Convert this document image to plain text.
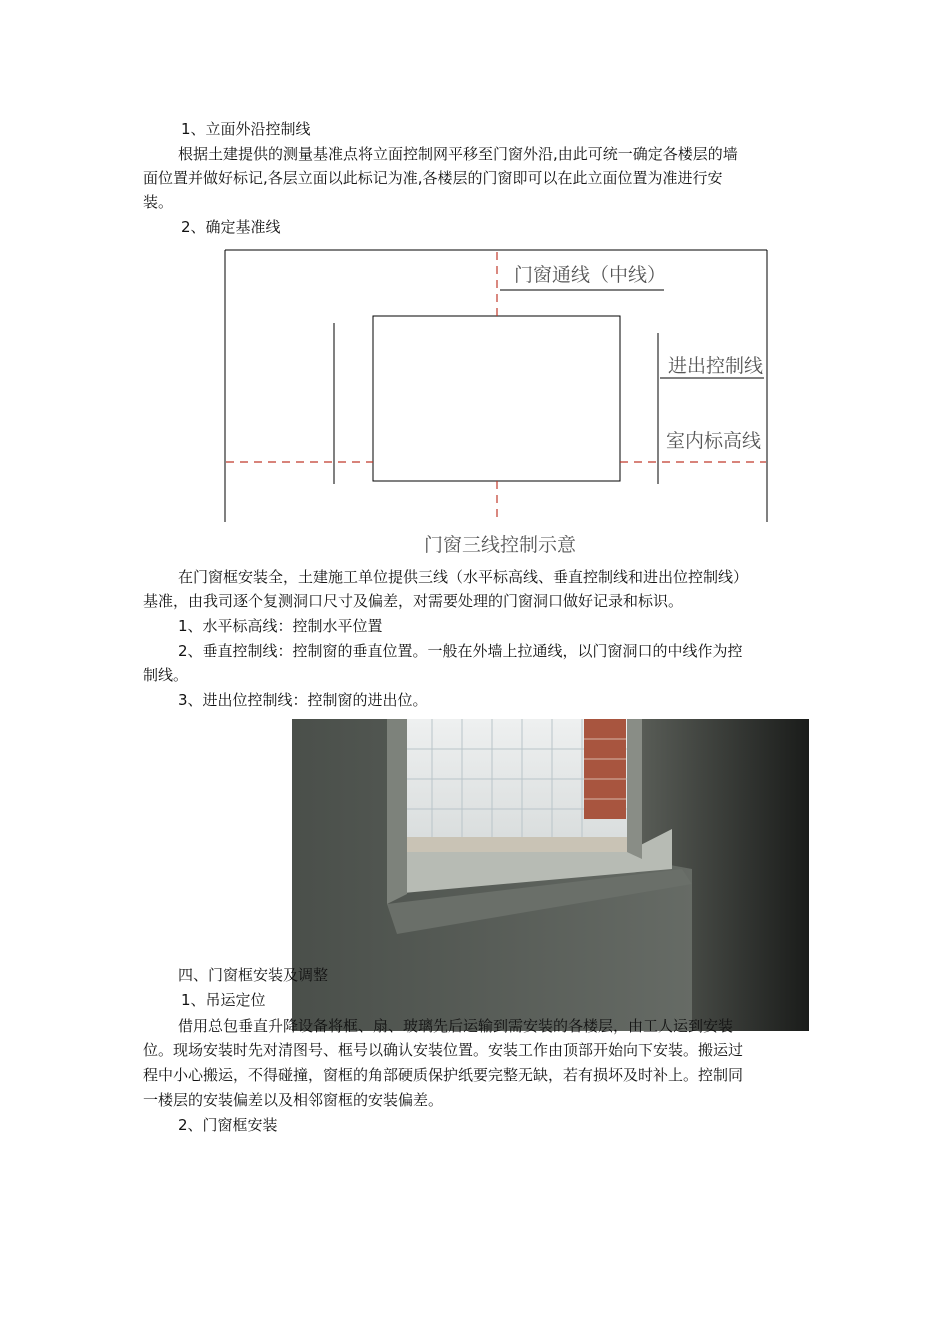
1、立面外沿控制线
根据土建提供的测量基准点将立面控制网平移至门窗外沿,由此可统一确定各楼层的墙
面位置并做好标记,各层立面以此标记为准,各楼层的门窗即可以在此立面位置为准进行安
装。
2、确定基准线
门窗通线（中线）
进出控制线
室内标高线
门窗三线控制示意
在门窗框安装全，土建施工单位提供三线（水平标高线、垂直控制线和进出位控制线）
基准，由我司逐个复测洞口尺寸及偏差，对需要处理的门窗洞口做好记录和标识。
1、水平标高线：控制水平位置
2、垂直控制线：控制窗的垂直位置。一般在外墙上拉通线，以门窗洞口的中线作为控
制线。
3、进出位控制线：控制窗的进出位。
四、门窗框安装及调整
1、吊运定位
借用总包垂直升降设备将框、扇、玻璃先后运输到需安装的各楼层，由工人运到安装
位。现场安装时先对清图号、框号以确认安装位置。安装工作由顶部开始向下安装。搬运过
程中小心搬运，不得碰撞，窗框的角部硬质保护纸要完整无缺，若有损坏及时补上。控制同
一楼层的安装偏差以及相邻窗框的安装偏差。
2、门窗框安装
